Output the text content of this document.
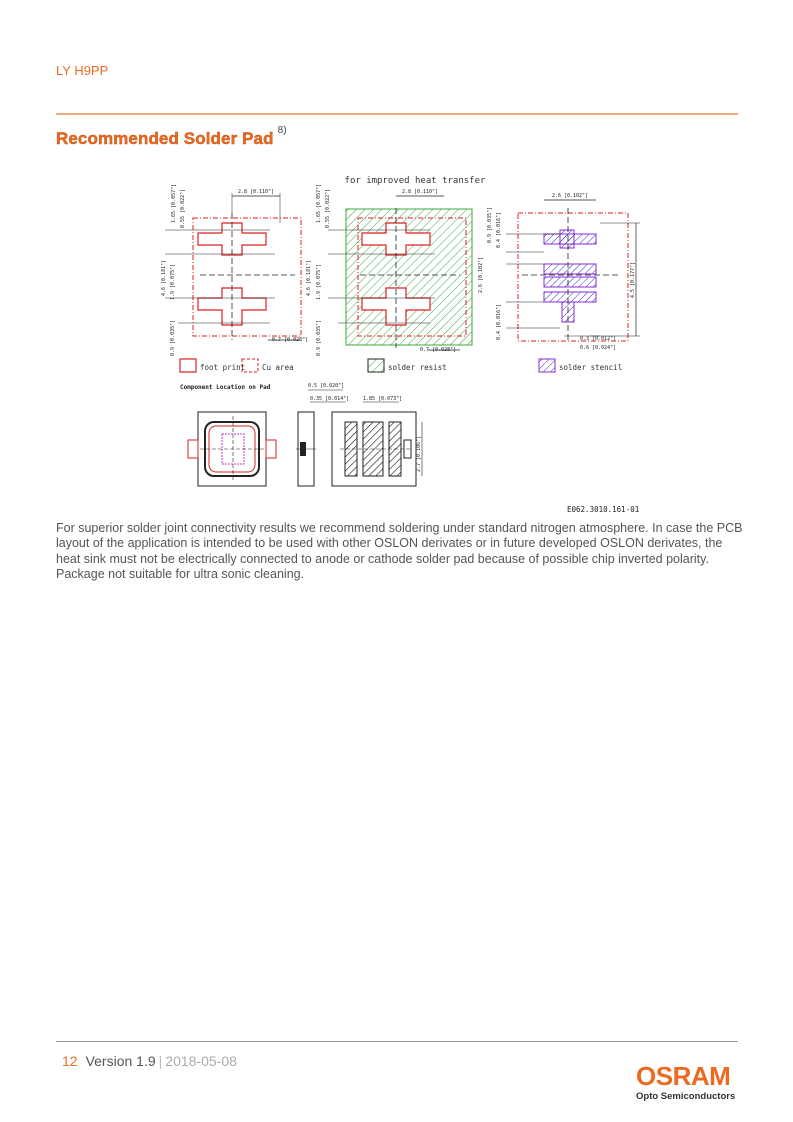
LY H9PP
Recommended Solder Pad $^{8)}$
for improved heat transfer
2.8 [0.110"]
0.7 [0.028"]
1.65 [0.057"] 0.55 [0.022"]
4.6 [0.181"] 1.9 [0.075"]
0.9 [0.035"]
2.8 [0.110"]
0.7 [0.028"]
1.65 [0.057"] 0.55 [0.022"]
4.6 [0.181"] 1.9 [0.075"]
0.9 [0.035"]
2.6 [0.102"]
4.5 [0.177"]
0.9 [0.035"] 0.4 [0.016"]
2.6 [0.102"]
0.4 [0.016"]	0.3 [0.012"]
0.6 [0.024"]
foot print Cu area	solder resist	solder stencil
Component Location on Pad	0.5 [0.020"]
0.35 [0.014"]	1.85 [0.073"]
2.7 [0.106"]
E062.3010.161-01
For superior solder joint connectivity results we recommend soldering under standard nitrogen atmosphere. In case the PCB layout of the application is intended to be used with other OSLON derivates or in future developed OSLON derivates, the heat sink must not be electrically connected to anode or cathode solder pad because of possible chip inverted polarity. Package not suitable for ultra sonic cleaning.
12 Version 1.9 | 2018-05-08	OSRAM
Opto Semiconductors
